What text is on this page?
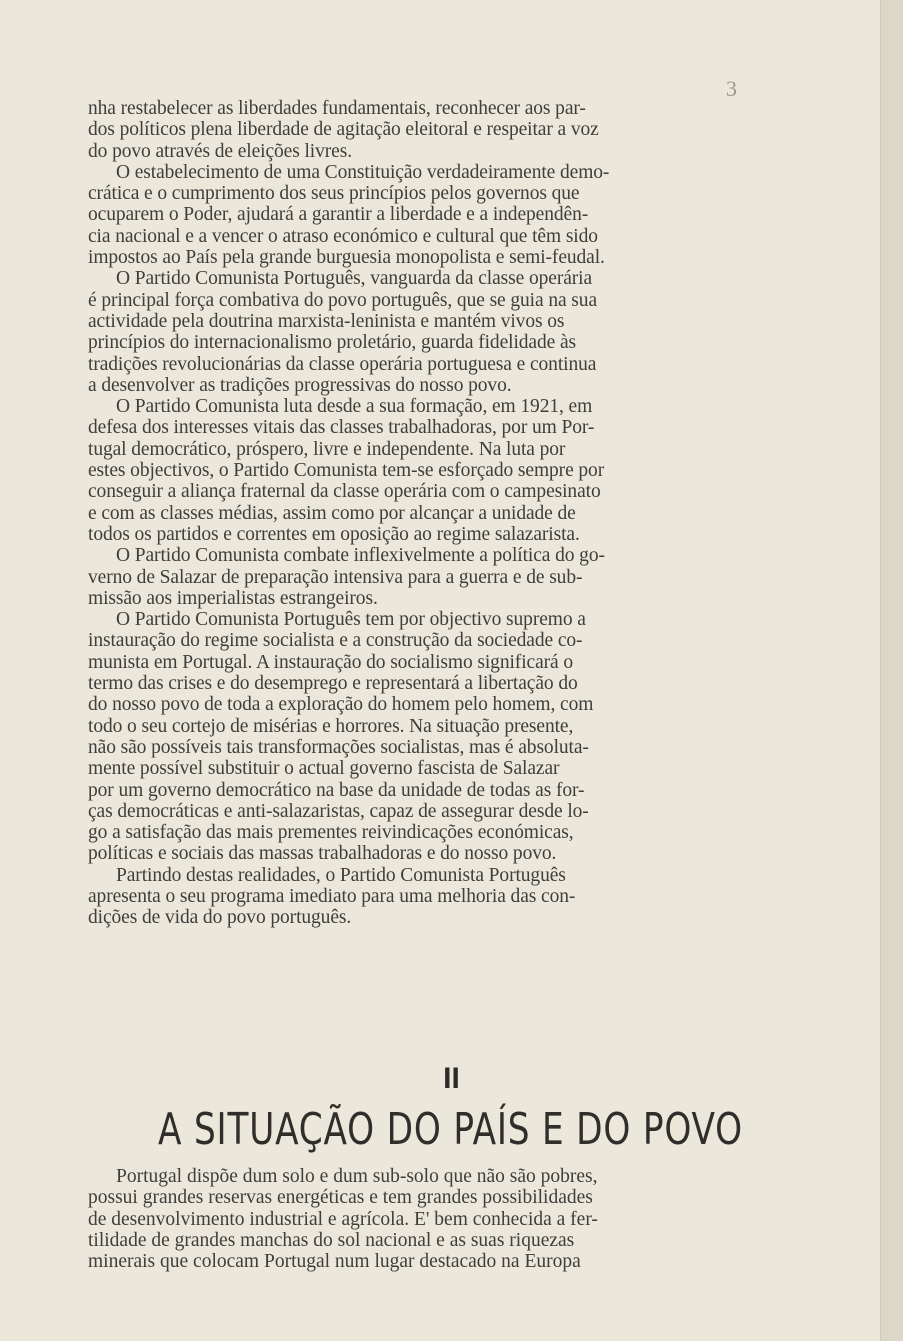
3
nha restabelecer as liberdades fundamentais, reconhecer aos par-
dos políticos plena liberdade de agitação eleitoral e respeitar a voz
do povo através de eleições livres.
O estabelecimento de uma Constituição verdadeiramente demo-
crática e o cumprimento dos seus princípios pelos governos que
ocuparem o Poder, ajudará a garantir a liberdade e a independên-
cia nacional e a vencer o atraso económico e cultural que têm sido
impostos ao País pela grande burguesia monopolista e semi-feudal.
O Partido Comunista Português, vanguarda da classe operária
é principal força combativa do povo português, que se guia na sua
actividade pela doutrina marxista-leninista e mantém vivos os
princípios do internacionalismo proletário, guarda fidelidade às
tradições revolucionárias da classe operária portuguesa e continua
a desenvolver as tradições progressivas do nosso povo.
O Partido Comunista luta desde a sua formação, em 1921, em
defesa dos interesses vitais das classes trabalhadoras, por um Por-
tugal democrático, próspero, livre e independente. Na luta por
estes objectivos, o Partido Comunista tem-se esforçado sempre por
conseguir a aliança fraternal da classe operária com o campesinato
e com as classes médias, assim como por alcançar a unidade de
todos os partidos e correntes em oposição ao regime salazarista.
O Partido Comunista combate inflexivelmente a política do go-
verno de Salazar de preparação intensiva para a guerra e de sub-
missão aos imperialistas estrangeiros.
O Partido Comunista Português tem por objectivo supremo a
instauração do regime socialista e a construção da sociedade co-
munista em Portugal. A instauração do socialismo significará o
termo das crises e do desemprego e representará a libertação do
do nosso povo de toda a exploração do homem pelo homem, com
todo o seu cortejo de misérias e horrores. Na situação presente,
não são possíveis tais transformações socialistas, mas é absoluta-
mente possível substituir o actual governo fascista de Salazar
por um governo democrático na base da unidade de todas as for-
ças democráticas e anti-salazaristas, capaz de assegurar desde lo-
go a satisfação das mais prementes reivindicações económicas,
políticas e sociais das massas trabalhadoras e do nosso povo.
Partindo destas realidades, o Partido Comunista Português
apresenta o seu programa imediato para uma melhoria das con-
dições de vida do povo português.
II
A SITUAÇÃO DO PAÍS E DO POVO
Portugal dispõe dum solo e dum sub-solo que não são pobres,
possui grandes reservas energéticas e tem grandes possibilidades
de desenvolvimento industrial e agrícola. E' bem conhecida a fer-
tilidade de grandes manchas do sol nacional e as suas riquezas
minerais que colocam Portugal num lugar destacado na Europa
